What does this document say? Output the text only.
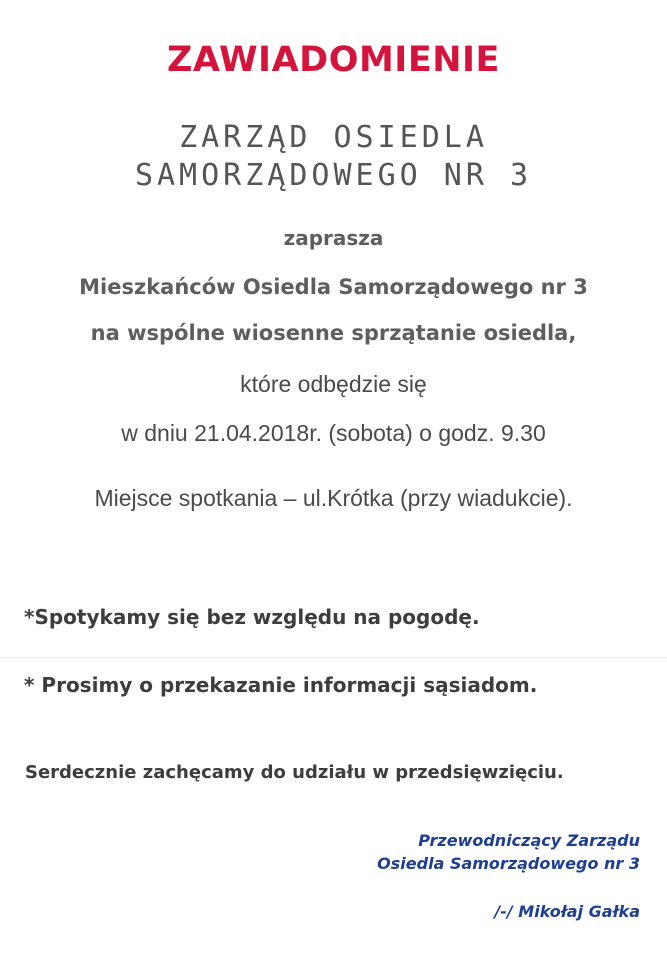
ZAWIADOMIENIE
ZARZĄD OSIEDLA
SAMORZĄDOWEGO NR 3
zaprasza
Mieszkańców Osiedla Samorządowego nr 3
na wspólne wiosenne sprzątanie osiedla,
które odbędzie się
w dniu 21.04.2018r. (sobota) o godz. 9.30
Miejsce spotkania – ul.Krótka (przy wiadukcie).
*Spotykamy się bez względu na pogodę.
* Prosimy o przekazanie informacji sąsiadom.
Serdecznie zachęcamy do udziału w przedsięwzięciu.
Przewodniczący Zarządu
Osiedla Samorządowego nr 3
/-/ Mikołaj Gałka
